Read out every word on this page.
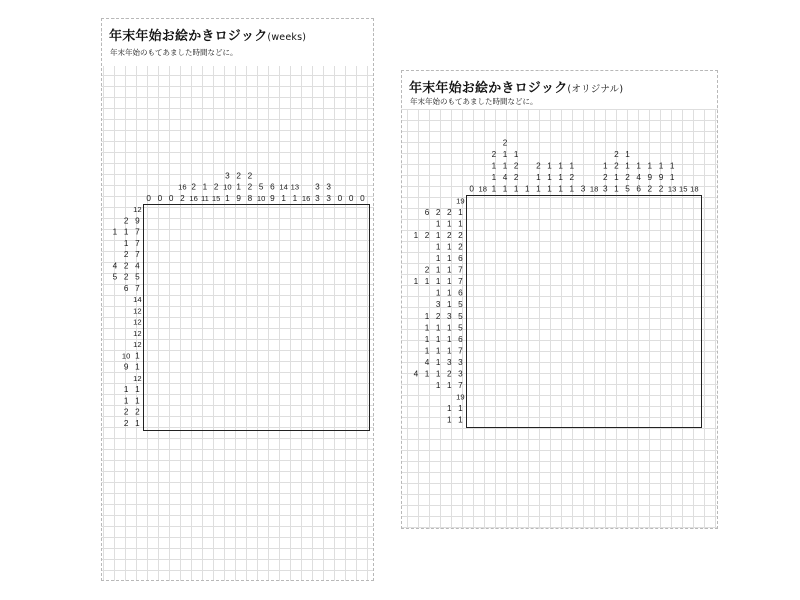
年末年始お絵かきロジック(weeks)
年末年始のもてあました時間などに。
年末年始お絵かきロジック(オリジナル)
年末年始のもてあました時間などに。
0 0 0
16
2
2
16
1
11
2
15
3
10
1
2
1
9
2
2
8
5
10
6
9
14
1
13
1 16
3
3
3
3 0 0 0
12
2 9
1 1 7
1 7
2 7
4 2 4
5 2 5
6 7
14
12
12
12
12
10 1
9 1
12
1 1
1 1
2 2
2 1
0 18
2
1
1
1
2
1
1
4
1
1
2
2
1 1
2
1
1
1
1
1
1
1
1
1
2
1 3 18
1
2
3
2
2
1
1
1
1
2
5
1
4
6
1
9
2
1
9
2
1
1
13 15 18
19
6 2 2 1
1 1 1
1 2 1 2 2
1 1 2
1 1 6
2 1 1 7
1 1 1 1 7
1 1 6
3 1 5
1 2 3 5
1 1 1 5
1 1 1 6
1 1 1 7
4 1 3 3
4 1 1 2 3
1 1 7
19
1 1
1 1
